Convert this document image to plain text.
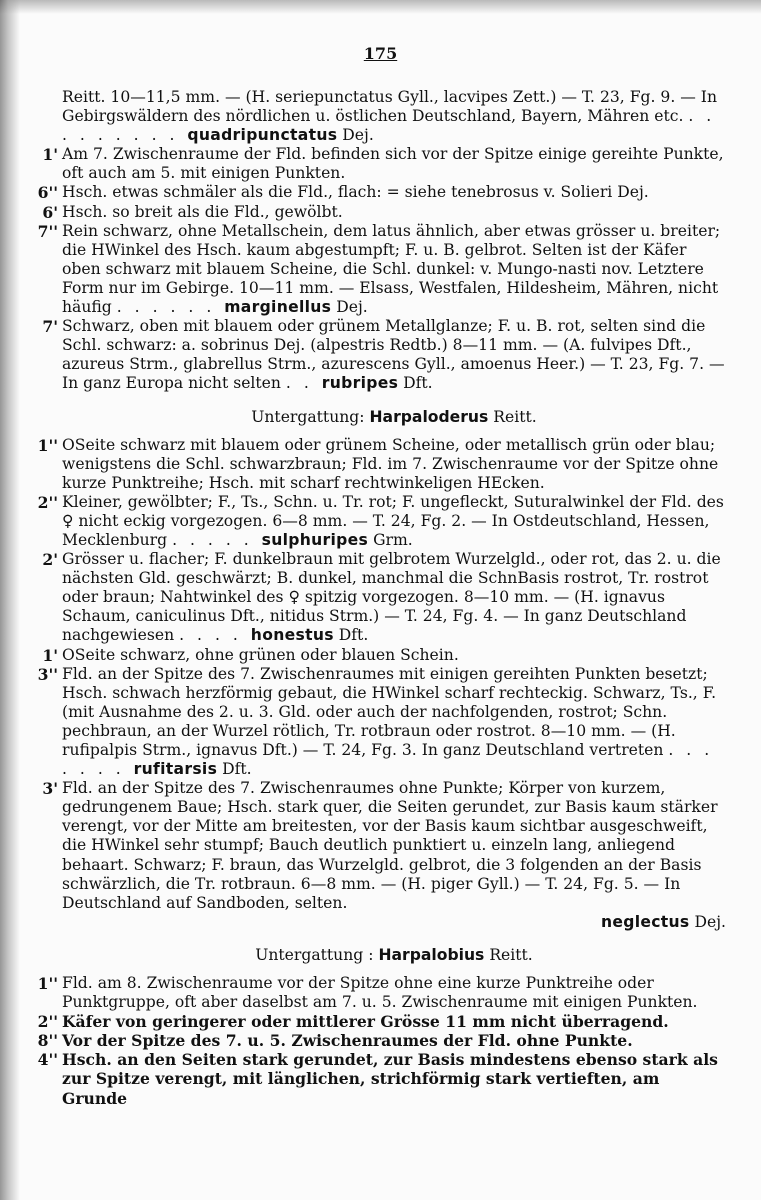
175

Reitt. 10—11,5 mm. — (H. seriepunctatus Gyll., lacvipes Zett.) — T. 23, Fg. 9. — In Gebirgswäldern des nördlichen u. östlichen Deutschland, Bayern, Mähren etc. . . . . . . . . . quadripunctatus Dej.

1' Am 7. Zwischenraume der Fld. befinden sich vor der Spitze einige gereihte Punkte, oft auch am 5. mit einigen Punkten.

6'' Hsch. etwas schmäler als die Fld., flach: = siehe tenebrosus v. Solieri Dej.

6' Hsch. so breit als die Fld., gewölbt.

7'' Rein schwarz, ohne Metallschein, dem latus ähnlich, aber etwas grösser u. breiter; die HWinkel des Hsch. kaum abgestumpft; F. u. B. gelbrot. Selten ist der Käfer oben schwarz mit blauem Scheine, die Schl. dunkel: v. Mungo-nasti nov. Letztere Form nur im Gebirge. 10—11 mm. — Elsass, Westfalen, Hildesheim, Mähren, nicht häufig . . . . . . marginellus Dej.

7' Schwarz, oben mit blauem oder grünem Metallglanze; F. u. B. rot, selten sind die Schl. schwarz: a. sobrinus Dej. (alpestris Redtb.) 8—11 mm. — (A. fulvipes Dft., azureus Strm., glabrellus Strm., azurescens Gyll., amoenus Heer.) — T. 23, Fg. 7. — In ganz Europa nicht selten . . rubripes Dft.

Untergattung: Harpaloderus Reitt.

1'' OSeite schwarz mit blauem oder grünem Scheine, oder metallisch grün oder blau; wenigstens die Schl. schwarzbraun; Fld. im 7. Zwischenraume vor der Spitze ohne kurze Punktreihe; Hsch. mit scharf rechtwinkeligen HEcken.

2'' Kleiner, gewölbter; F., Ts., Schn. u. Tr. rot; F. ungefleckt, Suturalwinkel der Fld. des ♀ nicht eckig vorgezogen. 6—8 mm. — T. 24, Fg. 2. — In Ostdeutschland, Hessen, Mecklenburg . . . . . sulphuripes Grm.

2' Grösser u. flacher; F. dunkelbraun mit gelbrotem Wurzelgld., oder rot, das 2. u. die nächsten Gld. geschwärzt; B. dunkel, manchmal die SchnBasis rostrot, Tr. rostrot oder braun; Nahtwinkel des ♀ spitzig vorgezogen. 8—10 mm. — (H. ignavus Schaum, caniculinus Dft., nitidus Strm.) — T. 24, Fg. 4. — In ganz Deutschland nachgewiesen . . . . honestus Dft.

1' OSeite schwarz, ohne grünen oder blauen Schein.

3'' Fld. an der Spitze des 7. Zwischenraumes mit einigen gereihten Punkten besetzt; Hsch. schwach herzförmig gebaut, die HWinkel scharf rechteckig. Schwarz, Ts., F. (mit Ausnahme des 2. u. 3. Gld. oder auch der nachfolgenden, rostrot; Schn. pechbraun, an der Wurzel rötlich, Tr. rotbraun oder rostrot. 8—10 mm. — (H. rufipalpis Strm., ignavus Dft.) — T. 24, Fg. 3. In ganz Deutschland vertreten . . . . . . . rufitarsis Dft.

3' Fld. an der Spitze des 7. Zwischenraumes ohne Punkte; Körper von kurzem, gedrungenem Baue; Hsch. stark quer, die Seiten gerundet, zur Basis kaum stärker verengt, vor der Mitte am breitesten, vor der Basis kaum sichtbar ausgeschweift, die HWinkel sehr stumpf; Bauch deutlich punktiert u. einzeln lang, anliegend behaart. Schwarz; F. braun, das Wurzelgld. gelbrot, die 3 folgenden an der Basis schwärzlich, die Tr. rotbraun. 6—8 mm. — (H. piger Gyll.) — T. 24, Fg. 5. — In Deutschland auf Sandboden, selten.
neglectus Dej.

Untergattung : Harpalobius Reitt.

1'' Fld. am 8. Zwischenraume vor der Spitze ohne eine kurze Punktreihe oder Punktgruppe, oft aber daselbst am 7. u. 5. Zwischenraume mit einigen Punkten.

2'' Käfer von geringerer oder mittlerer Grösse 11 mm nicht überragend.

8'' Vor der Spitze des 7. u. 5. Zwischenraumes der Fld. ohne Punkte.

4'' Hsch. an den Seiten stark gerundet, zur Basis mindestens ebenso stark als zur Spitze verengt, mit länglichen, strichförmig stark vertieften, am Grunde
